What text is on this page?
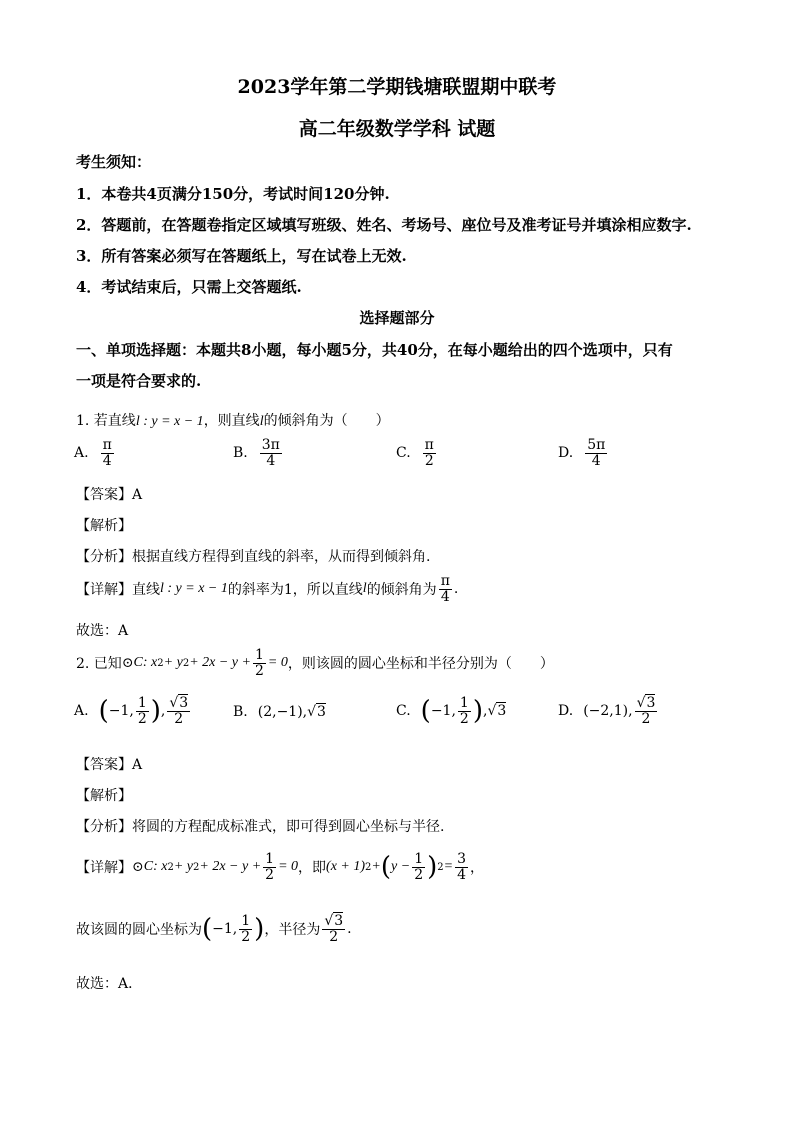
2023学年第二学期钱塘联盟期中联考
高二年级数学学科 试题
考生须知：
1．本卷共4页满分150分，考试时间120分钟.
2．答题前，在答题卷指定区域填写班级、姓名、考场号、座位号及准考证号并填涂相应数字.
3．所有答案必须写在答题纸上，写在试卷上无效.
4．考试结束后，只需上交答题纸.
选择题部分
一、单项选择题：本题共8小题，每小题5分，共40分，在每小题给出的四个选项中，只有
一项是符合要求的.
1. 若直线l : y = x − 1，则直线l的倾斜角为（　　）
A. $\frac{\pi}{4}$	B. $\frac{3\pi}{4}$	C. $\frac{\pi}{2}$	D. $\frac{5\pi}{4}$
【答案】A
【解析】
【分析】根据直线方程得到直线的斜率，从而得到倾斜角.
【详解】 直线 l : y = x − 1 的斜率为1，所以直线 l 的倾斜角为 $\frac{\pi}{4}$ .
故选：A
2. 已知 ⊙ C : x 2 + y $2 + 2x - y + \frac{1}{2} = 0$ ，则该圆的圆心坐标和半径分别为（　　）
A. ( −1, $\frac{1}{2}$ ) , $\frac{√3}{2}$	B. (2,−1), √ 3	C. ( −1, $\frac{1}{2}$ ) ,√ 3	D. (−2,1), $\frac{√3}{2}$
【答案】A
【解析】
【分析】将圆的方程配成标准式，即可得到圆心坐标与半径.
【详解】 ⊙ C : x 2 + y $2 + 2x - y + \frac{1}{2} = 0$ ，即 (x + 1) 2 + ( $y - \frac{1}{2}$ ) $2 = \frac{3}{4}$ ，
故该圆的圆心坐标为 ( −1, $\frac{1}{2}$ ) ，半径为 $\frac{√3}{2}$ .
故选：A．
